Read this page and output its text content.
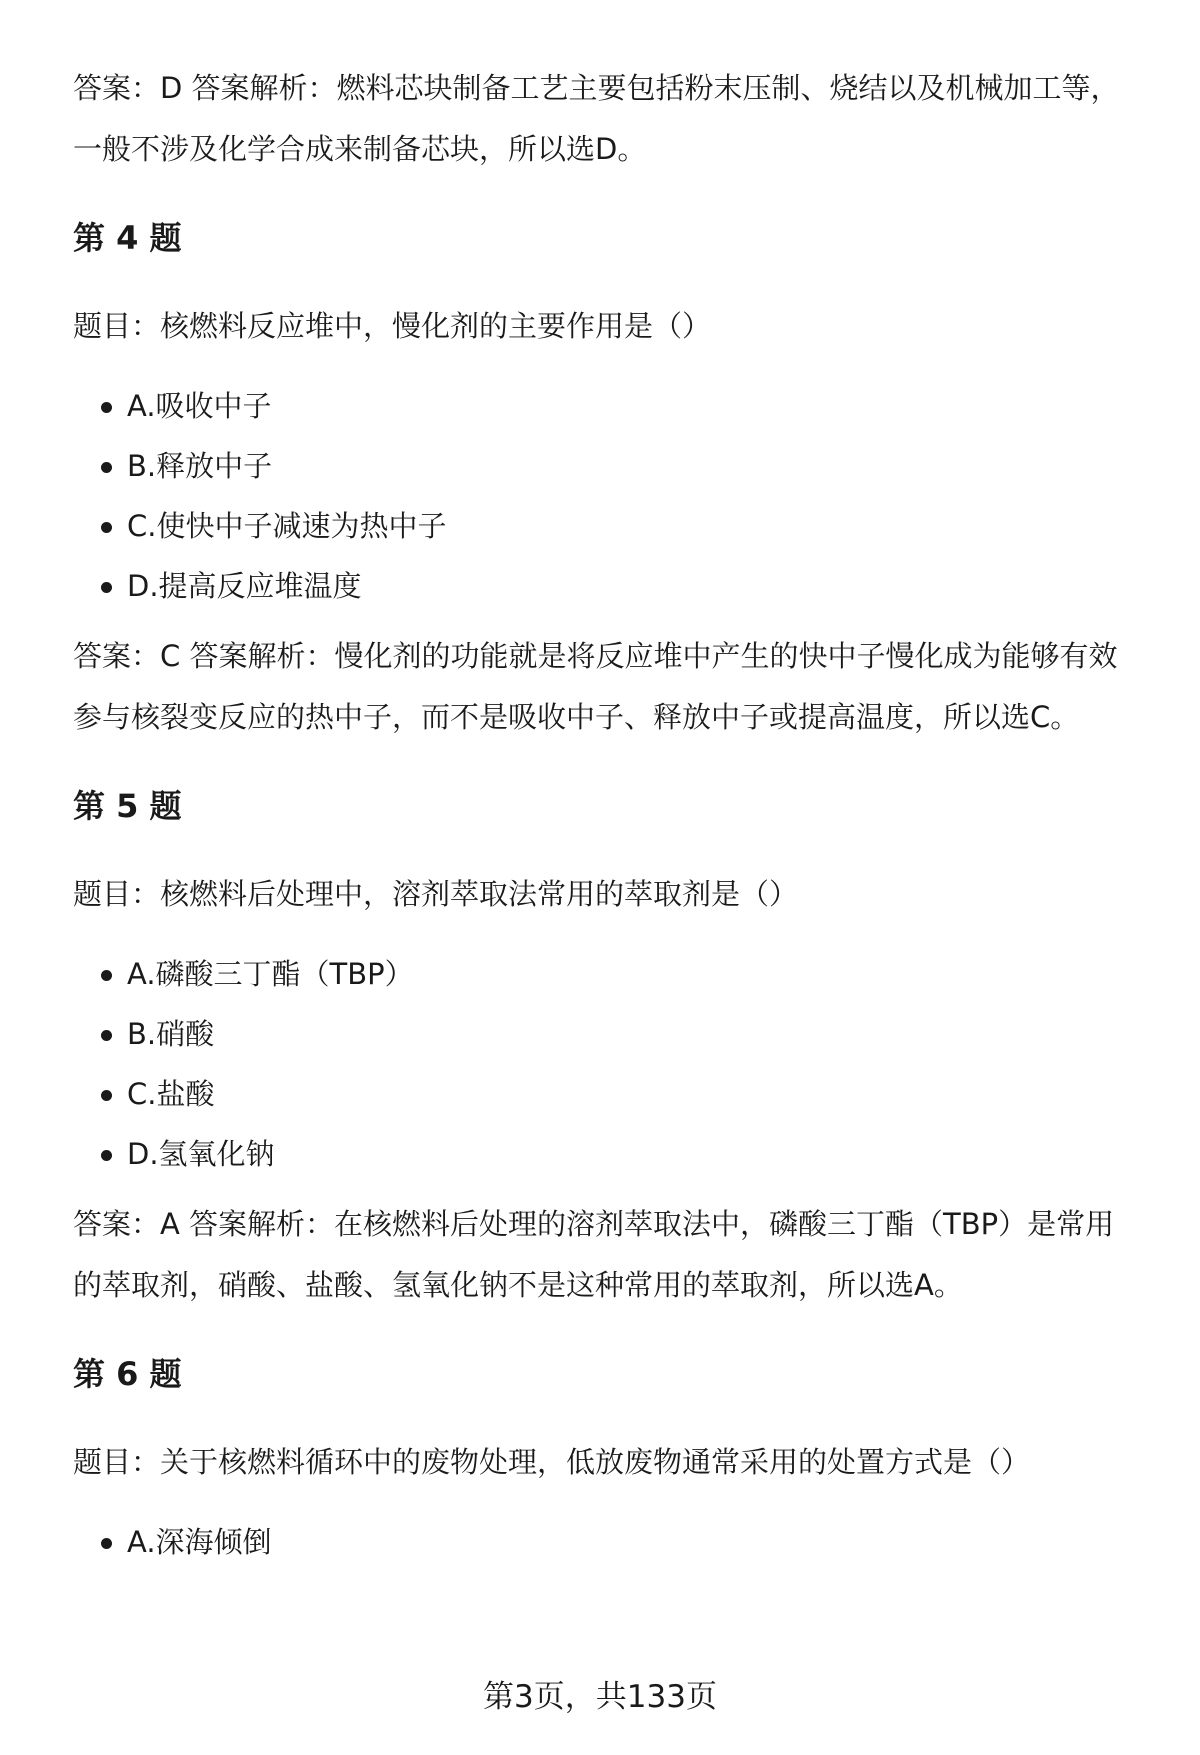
答案：D 答案解析：燃料芯块制备工艺主要包括粉末压制、烧结以及机械加工等，一般不涉及化学合成来制备芯块，所以选D。

第 4 题

题目：核燃料反应堆中，慢化剂的主要作用是（）

A.吸收中子
B.释放中子
C.使快中子减速为热中子
D.提高反应堆温度

答案：C 答案解析：慢化剂的功能就是将反应堆中产生的快中子慢化成为能够有效参与核裂变反应的热中子，而不是吸收中子、释放中子或提高温度，所以选C。

第 5 题

题目：核燃料后处理中，溶剂萃取法常用的萃取剂是（）

A.磷酸三丁酯（TBP）
B.硝酸
C.盐酸
D.氢氧化钠

答案：A 答案解析：在核燃料后处理的溶剂萃取法中，磷酸三丁酯（TBP）是常用的萃取剂，硝酸、盐酸、氢氧化钠不是这种常用的萃取剂，所以选A。

第 6 题

题目：关于核燃料循环中的废物处理，低放废物通常采用的处置方式是（）

A.深海倾倒
第3页，共133页
